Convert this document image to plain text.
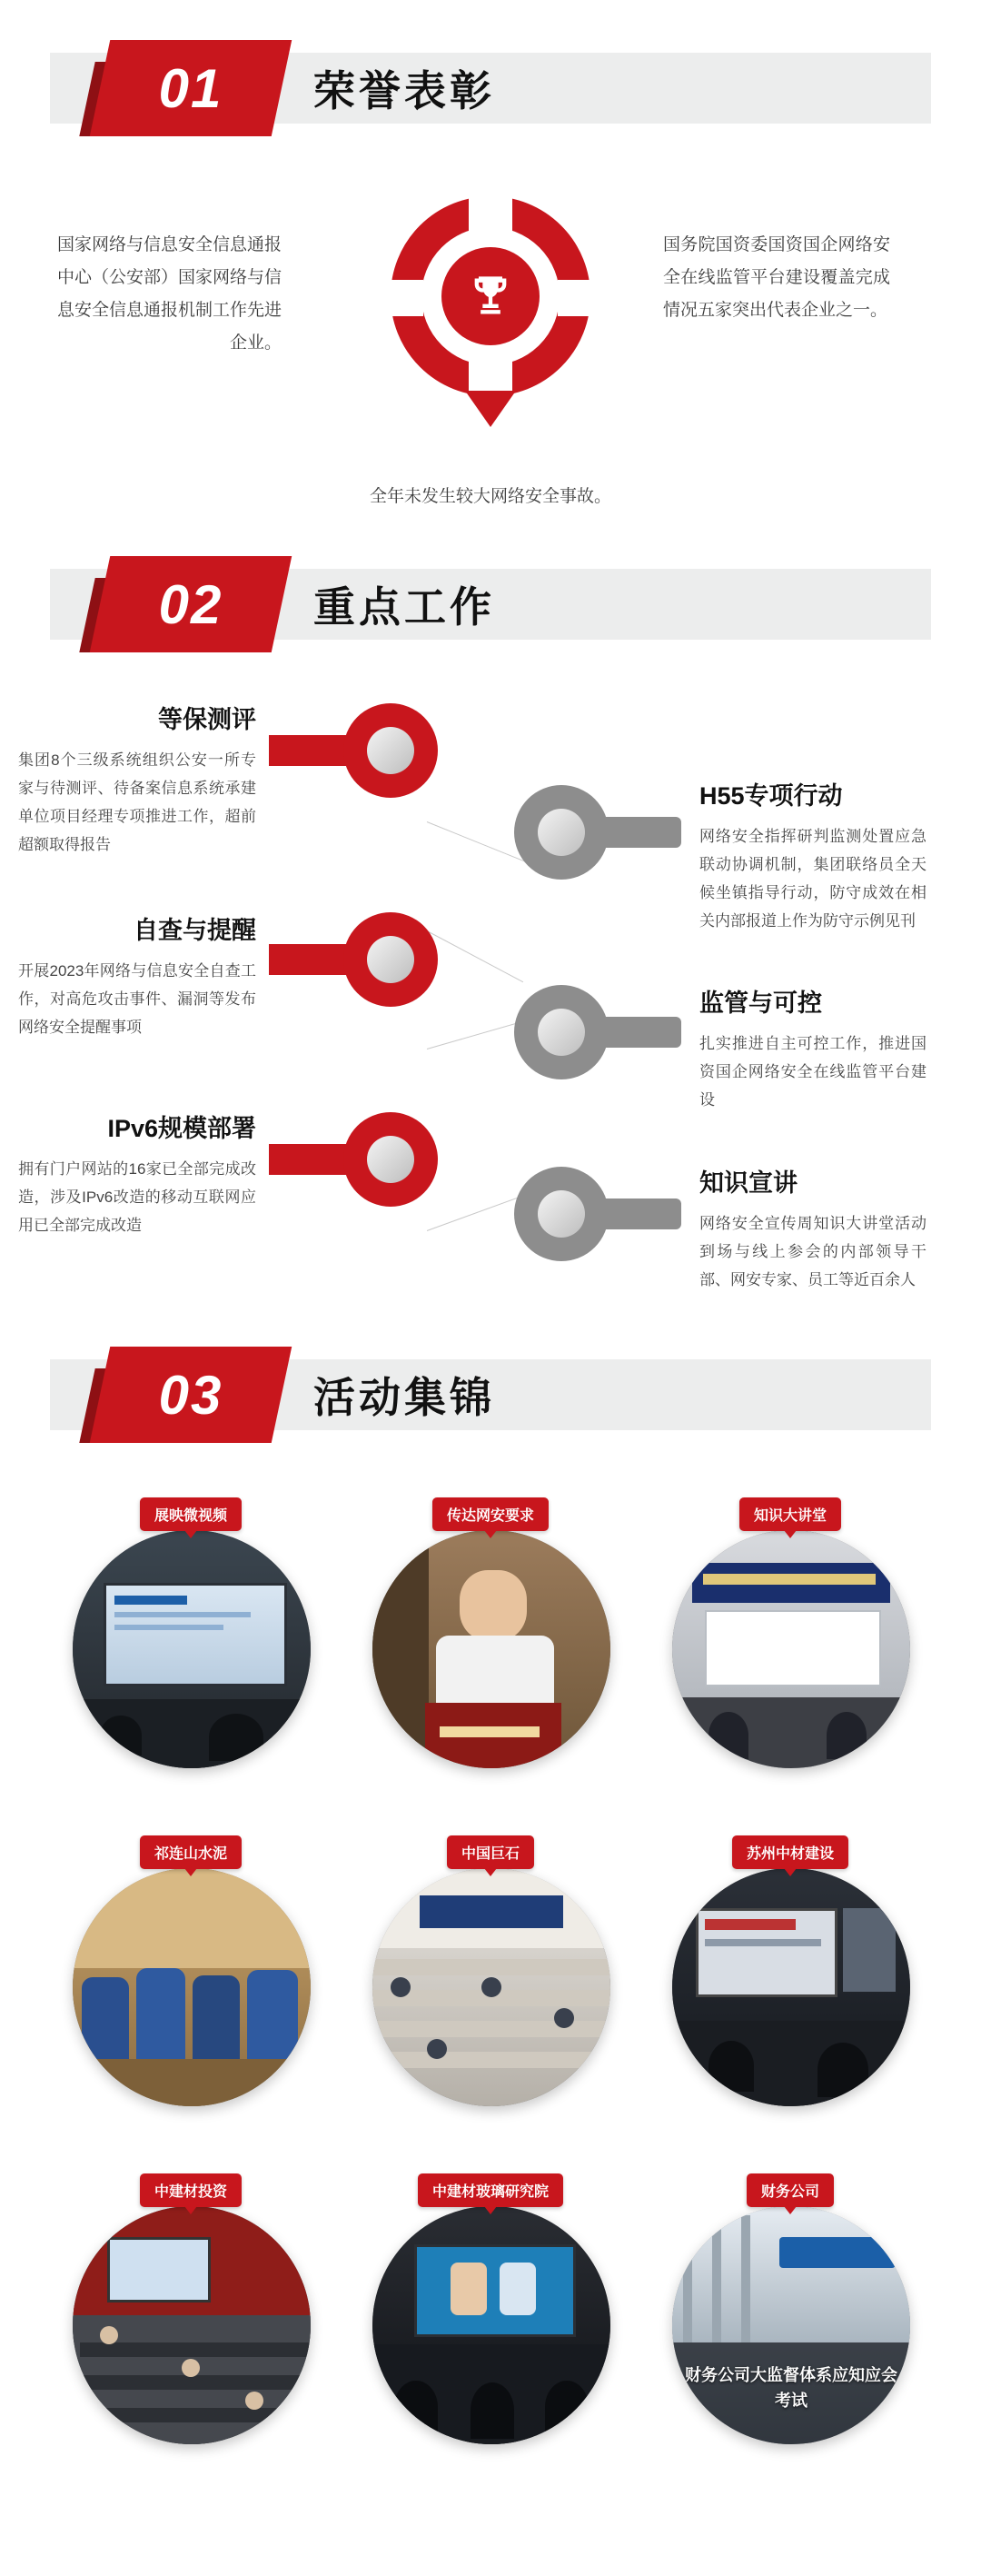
01	荣誉表彰
国家网络与信息安全信息通报中心（公安部）国家网络与信息安全信息通报机制工作先进企业。
国务院国资委国资国企网络安全在线监管平台建设覆盖完成情况五家突出代表企业之一。
全年未发生较大网络安全事故。
02	重点工作
等保测评
集团8个三级系统组织公安一所专家与待测评、待备案信息系统承建单位项目经理专项推进工作，超前超额取得报告
自查与提醒
开展2023年网络与信息安全自查工作，对高危攻击事件、漏洞等发布网络安全提醒事项
IPv6规模部署
拥有门户网站的16家已全部完成改造，涉及IPv6改造的移动互联网应用已全部完成改造
H55专项行动
网络安全指挥研判监测处置应急联动协调机制，集团联络员全天候坐镇指导行动，防守成效在相关内部报道上作为防守示例见刊
监管与可控
扎实推进自主可控工作，推进国资国企网络安全在线监管平台建设
知识宣讲
网络安全宣传周知识大讲堂活动到场与线上参会的内部领导干部、网安专家、员工等近百余人
03	活动集锦
展映微视频	传达网安要求	知识大讲堂
祁连山水泥	中国巨石	苏州中材建设
中建材投资	中建材玻璃研究院
财务公司大监督体系应知应会考试
财务公司
